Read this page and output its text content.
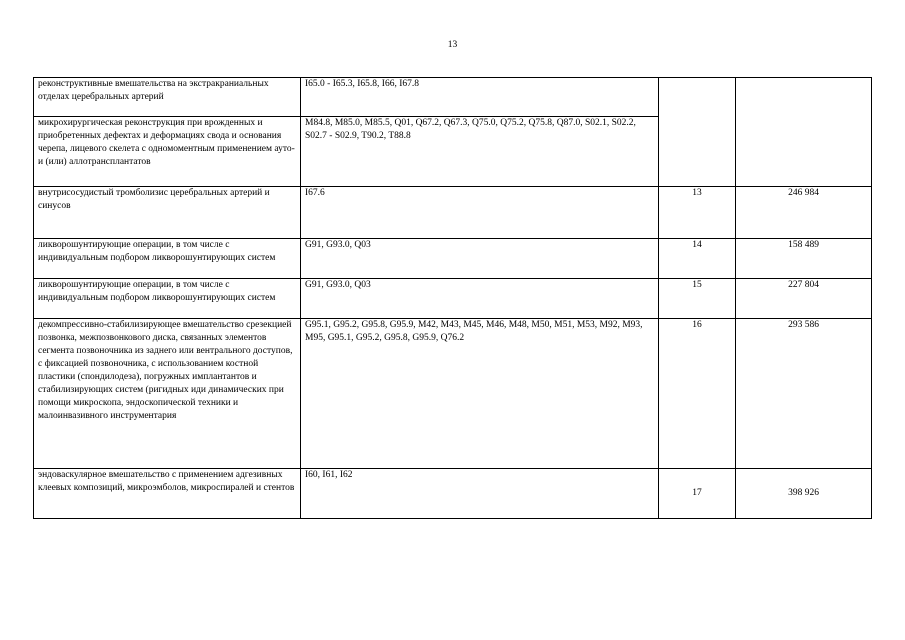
13
реконструктивные вмешательства на экстракраниальных отделах церебральных артерий	I65.0 - I65.3, I65.8, I66, I67.8		
микрохирургическая реконструкция при врожденных и приобретенных дефектах и деформациях свода и основания черепа, лицевого скелета с одномоментным применением ауто- и (или) аллотрансплантатов	M84.8, M85.0, M85.5, Q01, Q67.2, Q67.3, Q75.0, Q75.2, Q75.8, Q87.0, S02.1, S02.2, S02.7 - S02.9, T90.2, T88.8		
внутрисосудистый тромболизис церебральных артерий и синусов	I67.6	13	246 984
ликворошунтирующие операции, в том числе с индивидуальным подбором ликворошунтирующих систем	G91, G93.0, Q03	14	158 489
ликворошунтирующие операции, в том числе с индивидуальным подбором ликворошунтирующих систем	G91, G93.0, Q03	15	227 804
декомпрессивно-стабилизирующее вмешательство срезекцией позвонка, межпозвонкового диска, связанных элементов сегмента позвоночника из заднего или вентрального доступов, с фиксацией позвоночника, с использованием костной пластики (спондилодеза), погружных имплантантов и стабилизирующих систем (ригидных иди динамических при помощи микроскопа, эндоскопической техники и малоинвазивного инструментария	G95.1, G95.2, G95.8, G95.9, M42, M43, M45, M46, M48, M50, M51, M53, M92, M93, M95, G95.1, G95.2, G95.8, G95.9, Q76.2	16	293 586
эндоваскулярное вмешательство с применением адгезивных клеевых композиций, микроэмболов, микроспиралей и стентов	I60, I61, I62	17	398 926
